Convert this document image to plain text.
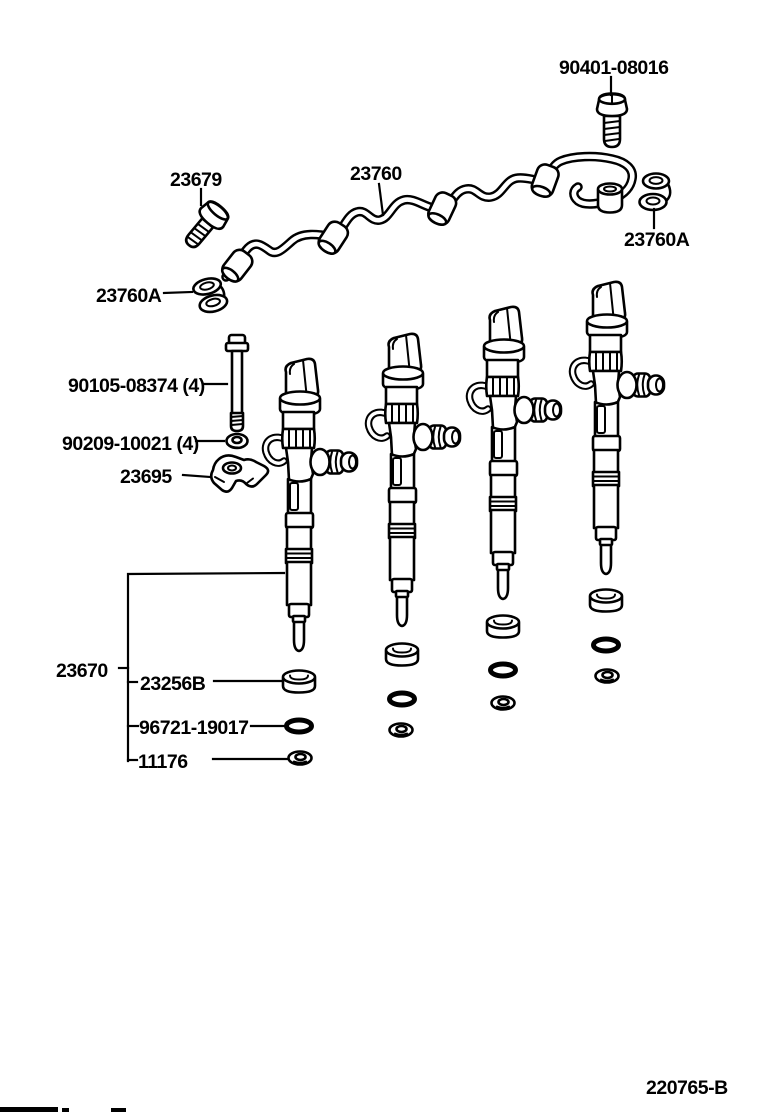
90401-08016
23679	23760
23760A
23760A
90105-08374 (4)
90209-10021 (4)
23695
23670
23256B
96721-19017
11176
220765-B
